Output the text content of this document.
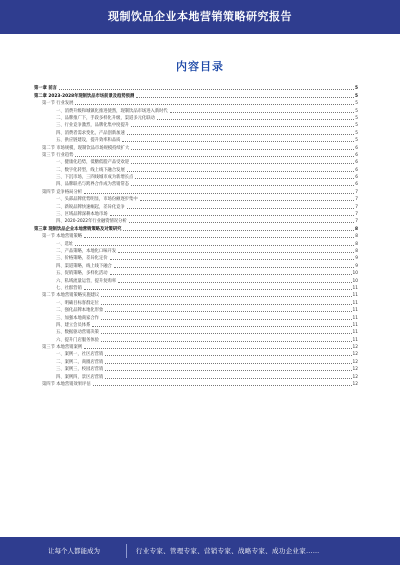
现制饮品企业本地营销策略研究报告
内容目录
第一章 前言	5
第二章 2023-2028年现制饮品市场前景及趋势预测	5
第一节 行业发展	5
一、消费升级和城镇化推进使然，现制饮品市场进入新时代	5
二、品牌推广下，手段多样化升级，渠道多元化联动	5
三、行业竞争激烈，品牌化集中度提升	5
四、消费者需求变化，产品创新加速	5
五、供应链建设，提升效率和品质	5
第二节 市场规模，现制饮品市场规模持续扩大	6
第三节 行业趋势	6
一、健康化趋势，低糖低脂产品受欢迎	6
二、数字化转型，线上线下融合发展	6
三、下沉市场，三四线城市成为新增长点	6
四、品牌联名与跨界合作成为营销常态	6
第四节 竞争格局分析	7
一、头部品牌优势明显，市场份额逐步集中	7
二、新锐品牌快速崛起，差异化竞争	7
三、区域品牌深耕本地市场	7
四、2020-2022年行业融资情况分析	7
第三章 现制饮品企业本地营销策略及对策研究	8
第一节 本地营销策略	8
一、选址	8
二、产品策略，本地化口味开发	8
三、价格策略，差异化定价	9
四、渠道策略，线上线下融合	9
五、促销策略，多样化活动	10
六、私域流量运营，提升复购率	10
七、社群营销	11
第二节 本地营销策略实施建议	11
一、明确目标客群定位	11
二、强化品牌本地化形象	11
三、加强本地商家合作	11
四、建立会员体系	11
五、数据驱动营销决策	11
六、提升门店服务体验	11
第三节 本地营销案例	12
一、案例一，社区店营销	12
二、案例二，商圈店营销	12
三、案例三，校园店营销	12
四、案例四，景区店营销	12
第四节 本地营销效果评估	12
让每个人都能成为	行业专家、管理专家、营销专家、战略专家、成功企业家……
